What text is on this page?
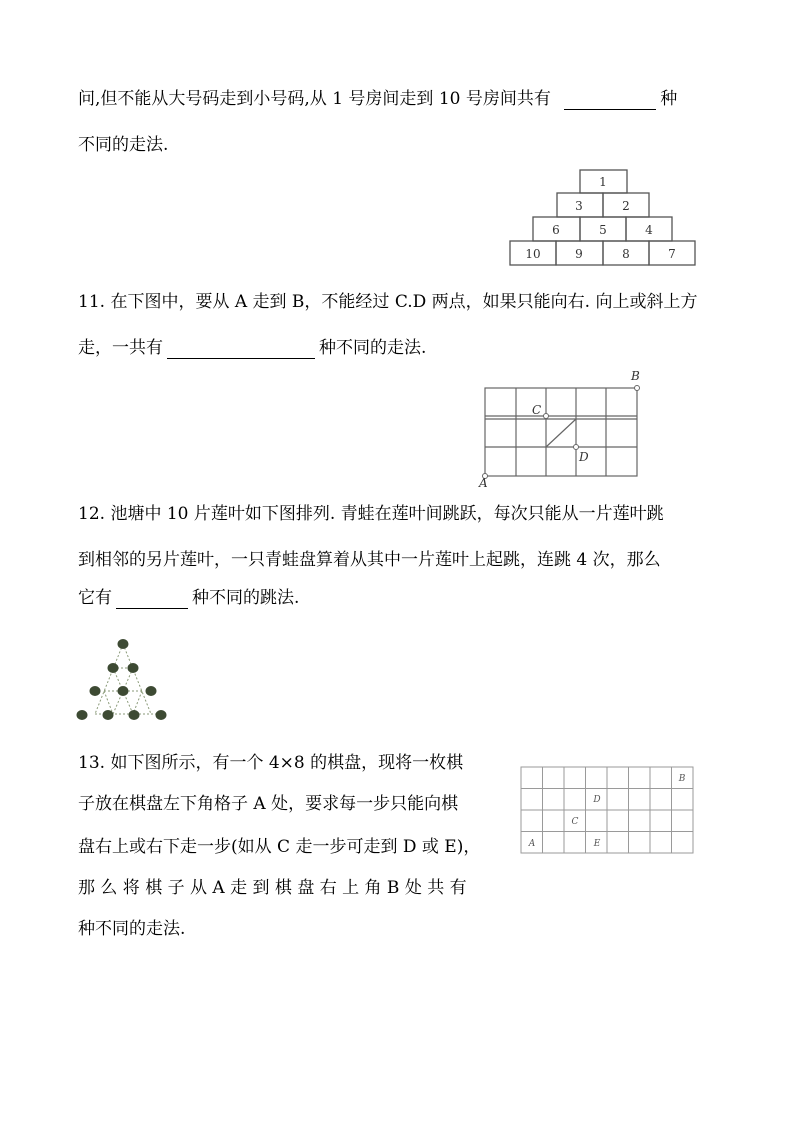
问,但不能从大号码走到小号码,从 1 号房间走到 10 号房间共有	种
不同的走法.
1
3	2
6	5	4
10	9	8	7
11. 在下图中，要从 A 走到 B，不能经过 C.D 两点，如果只能向右. 向上或斜上方
走，一共有	种不同的走法.
A
B
C
D
12. 池塘中 10 片莲叶如下图排列. 青蛙在莲叶间跳跃，每次只能从一片莲叶跳
到相邻的另片莲叶，一只青蛙盘算着从其中一片莲叶上起跳，连跳 4 次，那么
它有	种不同的跳法.
13. 如下图所示，有一个 4×8 的棋盘，现将一枚棋
子放在棋盘左下角格子 A 处，要求每一步只能向棋
盘右上或右下走一步(如从 C 走一步可走到 D 或 E)，
那 么 将 棋 子 从 A 走 到 棋 盘 右 上 角 B 处 共 有
种不同的走法.
A
B
C
D
E
